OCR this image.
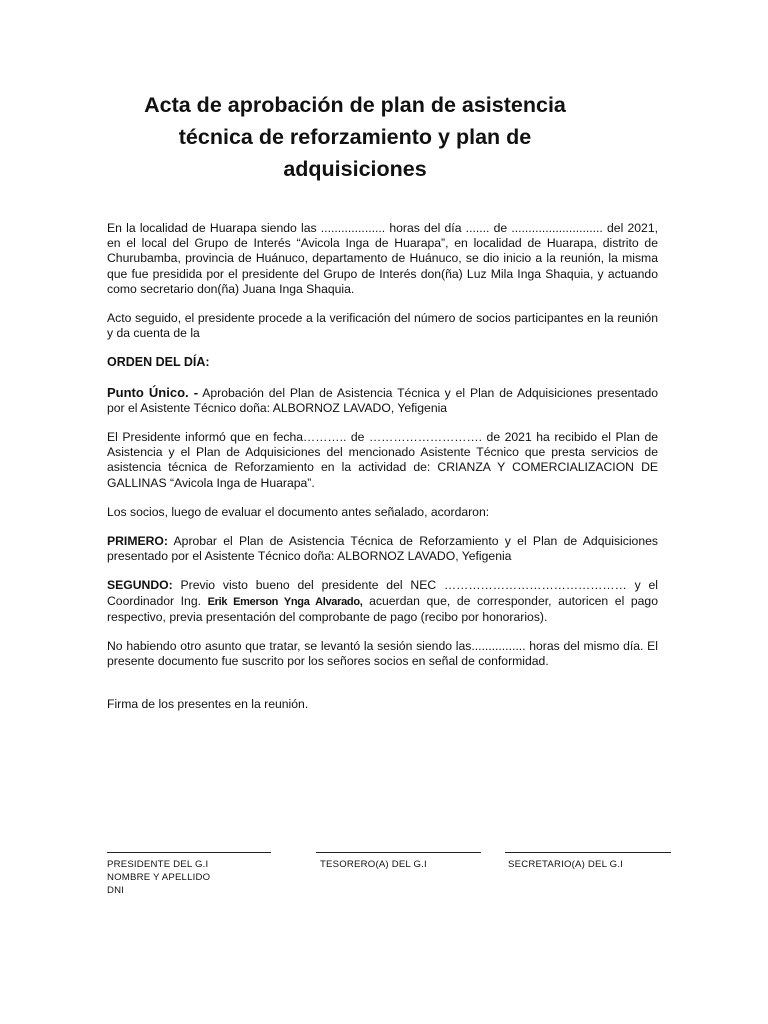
Acta de aprobación de plan de asistencia
técnica de reforzamiento y plan de
adquisiciones

En la localidad de Huarapa siendo las ................... horas del día ....... de ........................... del 2021, en el local del Grupo de Interés “Avicola Inga de Huarapa”, en localidad de Huarapa, distrito de Churubamba, provincia de Huánuco, departamento de Huánuco, se dio inicio a la reunión, la misma que fue presidida por el presidente del Grupo de Interés don(ña) Luz Mila Inga Shaquia, y actuando como secretario don(ña) Juana Inga Shaquia.

Acto seguido, el presidente procede a la verificación del número de socios participantes en la reunión y da cuenta de la

ORDEN DEL DÍA:

Punto Único. - Aprobación del Plan de Asistencia Técnica y el Plan de Adquisiciones presentado por el Asistente Técnico doña: ALBORNOZ LAVADO, Yefigenia

El Presidente informó que en fecha……….. de ………………………. de 2021 ha recibido el Plan de Asistencia y el Plan de Adquisiciones del mencionado Asistente Técnico que presta servicios de asistencia técnica de Reforzamiento en la actividad de: CRIANZA Y COMERCIALIZACION DE GALLINAS “Avicola Inga de Huarapa”.

Los socios, luego de evaluar el documento antes señalado, acordaron:

PRIMERO: Aprobar el Plan de Asistencia Técnica de Reforzamiento y el Plan de Adquisiciones presentado por el Asistente Técnico doña: ALBORNOZ LAVADO, Yefigenia

SEGUNDO: Previo visto bueno del presidente del NEC ……………………………………… y el Coordinador Ing. Erik Emerson Ynga Alvarado, acuerdan que, de corresponder, autoricen el pago respectivo, previa presentación del comprobante de pago (recibo por honorarios).

No habiendo otro asunto que tratar, se levantó la sesión siendo las................ horas del mismo día. El presente documento fue suscrito por los señores socios en señal de conformidad.

Firma de los presentes en la reunión.

PRESIDENTE DEL G.I
NOMBRE Y APELLIDO
DNI
TESORERO(A) DEL G.I	SECRETARIO(A) DEL G.I
